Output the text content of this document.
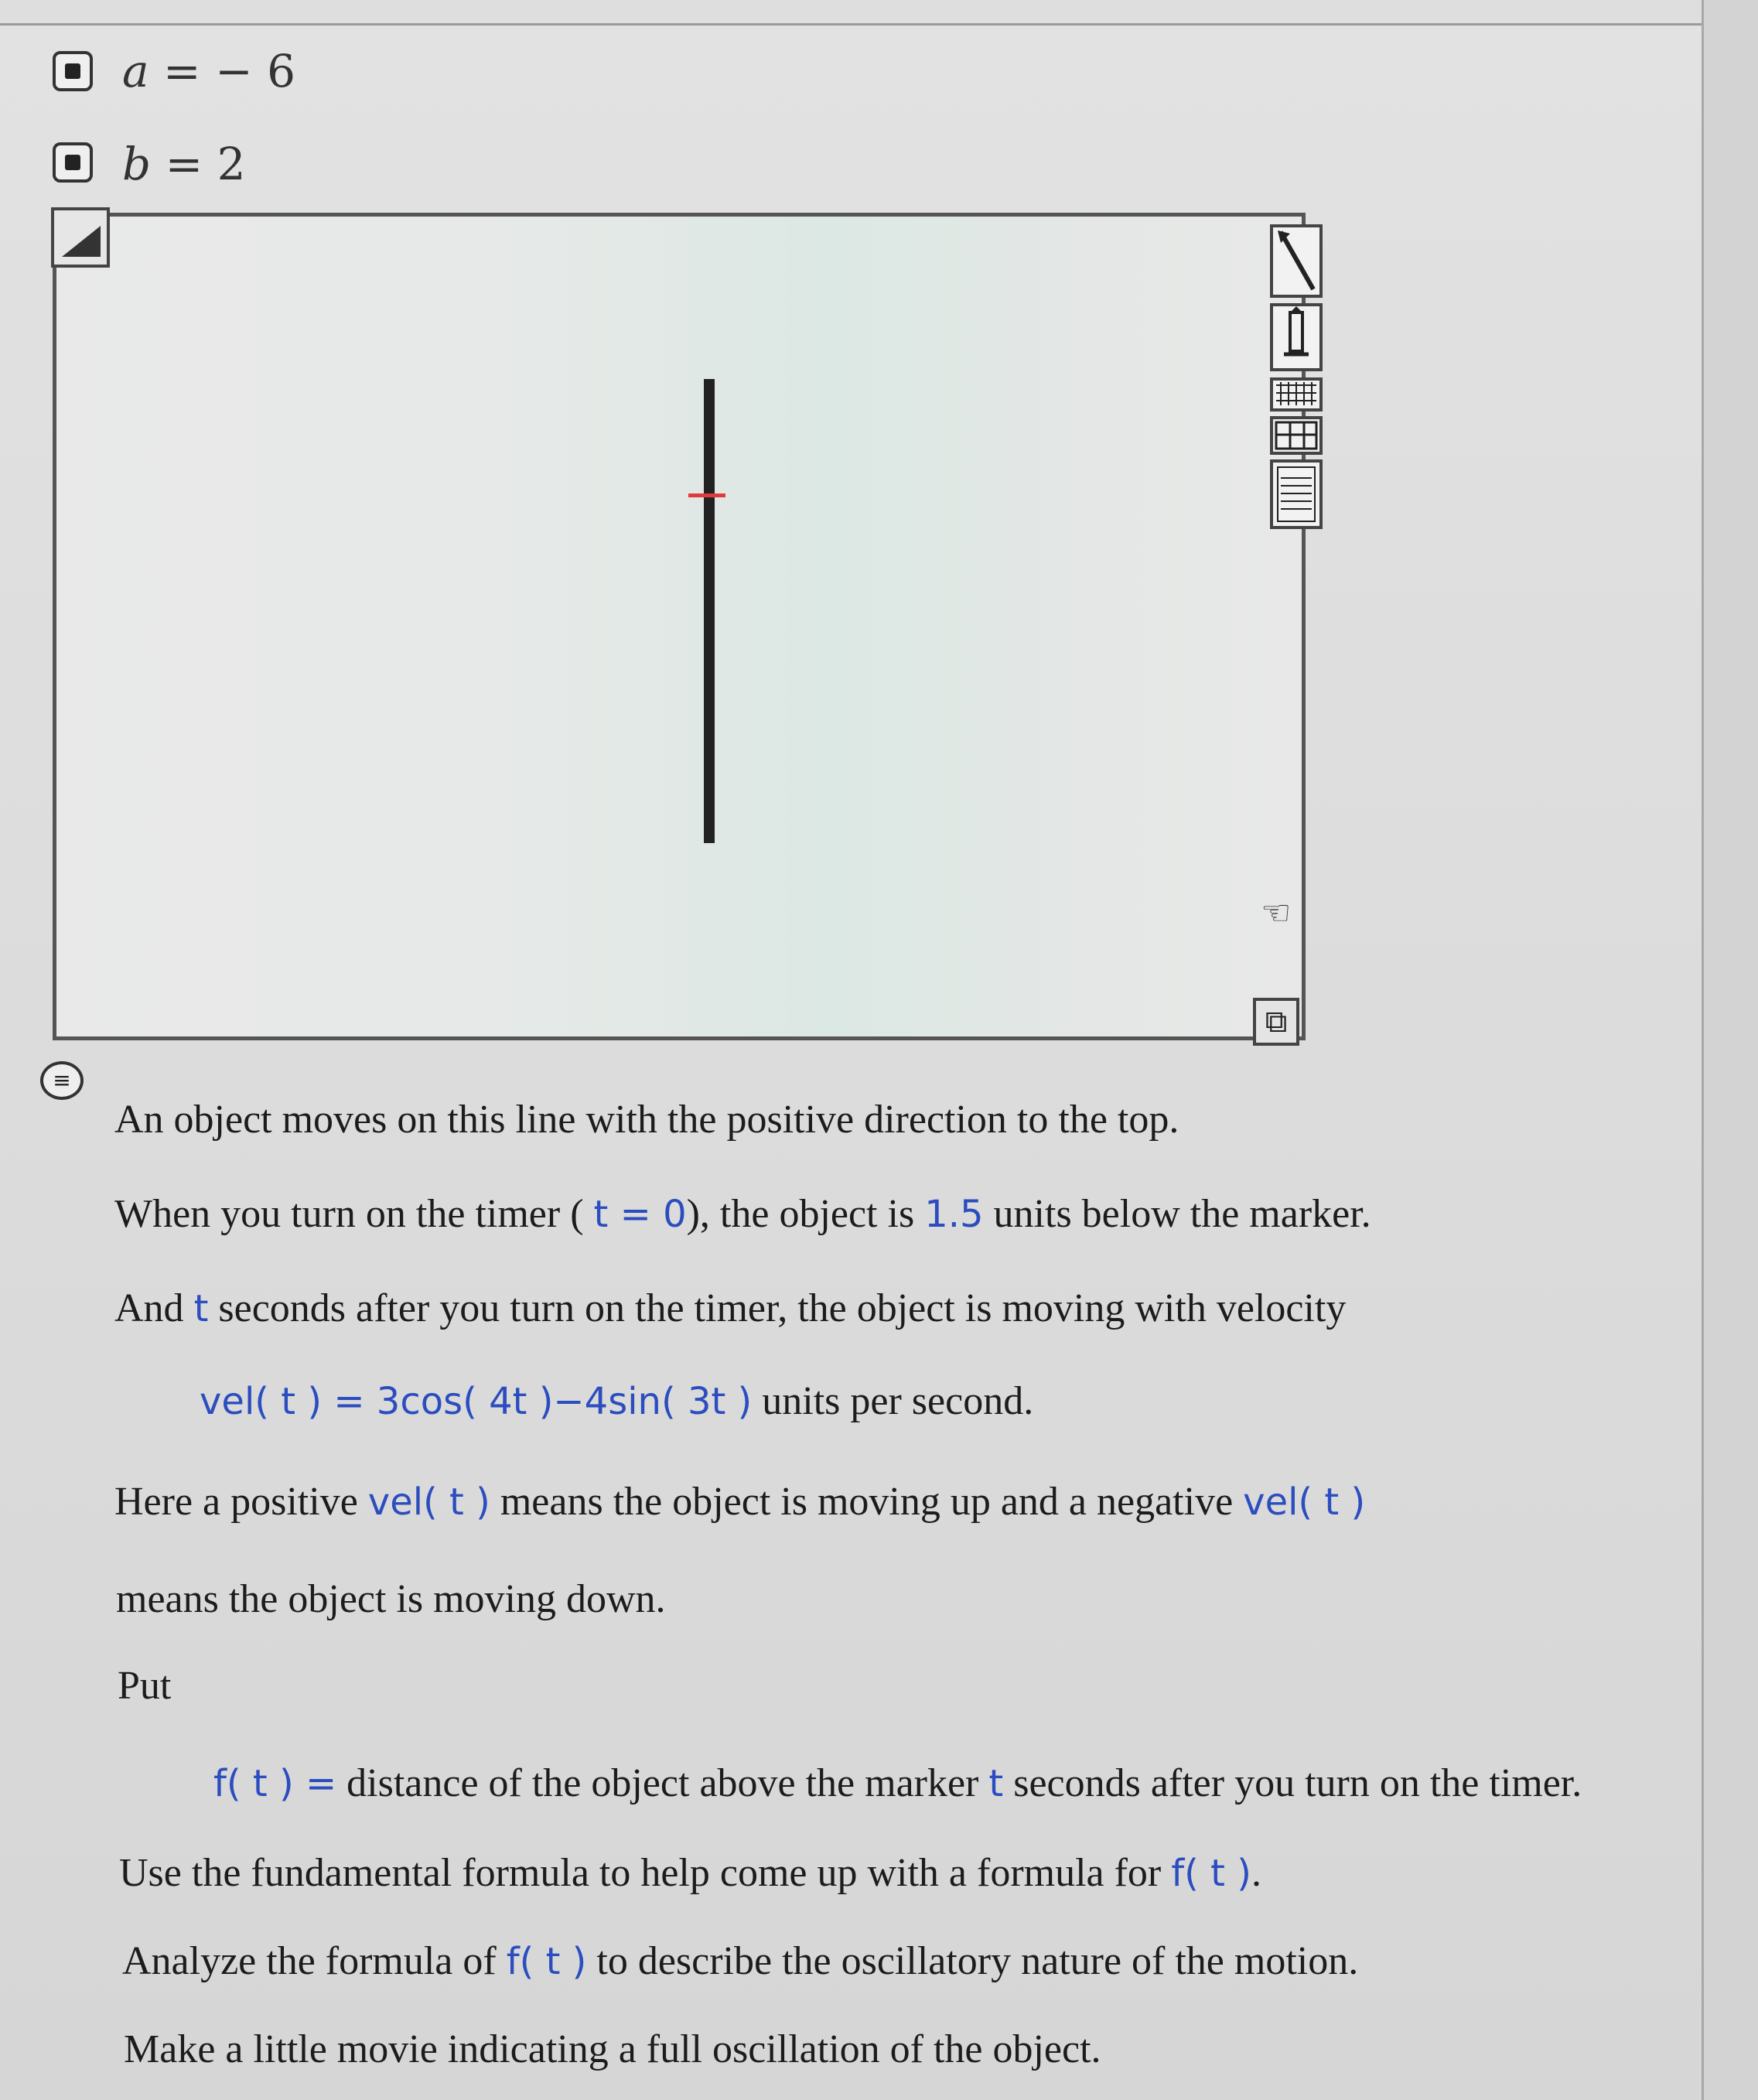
a = − 6
b = 2
☜
⧉
≡
An object moves on this line with the positive direction to the top.
When you turn on the timer ( t = 0), the object is 1.5 units below the marker.
And t seconds after you turn on the timer, the object is moving with velocity
vel( t ) = 3cos( 4t )−4sin( 3t ) units per second.
Here a positive vel( t ) means the object is moving up and a negative vel( t )
means the object is moving down.
Put
f( t ) = distance of the object above the marker t seconds after you turn on the timer.
Use the fundamental formula to help come up with a formula for f( t ).
Analyze the formula of f( t ) to describe the oscillatory nature of the motion.
Make a little movie indicating a full oscillation of the object.
